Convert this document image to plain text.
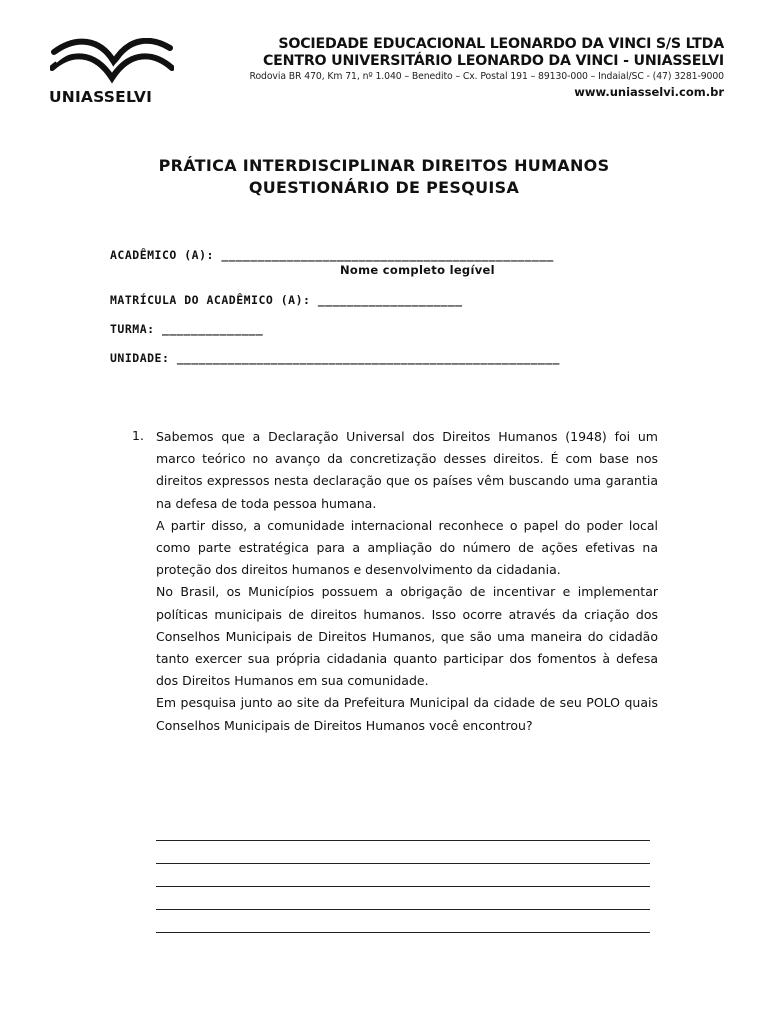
UNIASSELVI
SOCIEDADE EDUCACIONAL LEONARDO DA VINCI S/S LTDA
CENTRO UNIVERSITÁRIO LEONARDO DA VINCI - UNIASSELVI
Rodovia BR 470, Km 71, nº 1.040 – Benedito – Cx. Postal 191 – 89130-000 – Indaial/SC - (47) 3281-9000
www.uniasselvi.com.br
PRÁTICA INTERDISCIPLINAR DIREITOS HUMANOS
QUESTIONÁRIO DE PESQUISA
ACADÊMICO (A): ______________________________________________
Nome completo legível
MATRÍCULA DO ACADÊMICO (A): ____________________
TURMA: ______________
UNIDADE: _____________________________________________________
1. Sabemos que a Declaração Universal dos Direitos Humanos (1948) foi um marco teórico no avanço da concretização desses direitos. É com base nos direitos expressos nesta declaração que os países vêm buscando uma garantia na defesa de toda pessoa humana.

A partir disso, a comunidade internacional reconhece o papel do poder local como parte estratégica para a ampliação do número de ações efetivas na proteção dos direitos humanos e desenvolvimento da cidadania.

No Brasil, os Municípios possuem a obrigação de incentivar e implementar políticas municipais de direitos humanos. Isso ocorre através da criação dos Conselhos Municipais de Direitos Humanos, que são uma maneira do cidadão tanto exercer sua própria cidadania quanto participar dos fomentos à defesa dos Direitos Humanos em sua comunidade.

Em pesquisa junto ao site da Prefeitura Municipal da cidade de seu POLO quais Conselhos Municipais de Direitos Humanos você encontrou?
